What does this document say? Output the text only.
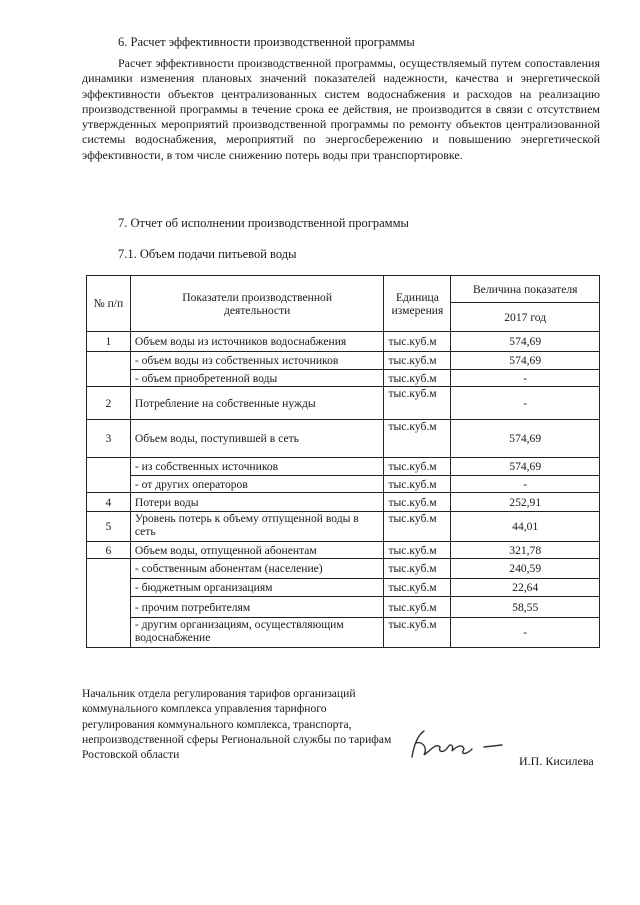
6. Расчет эффективности производственной программы
Расчет эффективности производственной программы, осуществляемый путем сопоставления динамики изменения плановых значений показателей надежности, качества и энергетической эффективности объектов централизованных систем водоснабжения и расходов на реализацию производственной программы в течение срока ее действия, не производится в связи с отсутствием утвержденных мероприятий производственной программы по ремонту объектов централизованной системы водоснабжения, мероприятий по энергосбережению и повышению энергетической эффективности, в том числе снижению потерь воды при транспортировке.
7. Отчет об исполнении производственной программы
7.1. Объем подачи питьевой воды
№ п/п	Показатели производственной деятельности	Единица измерения	Величина показателя
			2017 год
1	Объем воды из источников водоснабжения	тыс.куб.м	574,69
	- объем воды из собственных источников	тыс.куб.м	574,69
	- объем приобретенной воды	тыс.куб.м	-
2	Потребление на собственные нужды	тыс.куб.м	-
3	Объем воды, поступившей в сеть	тыс.куб.м	574,69
	- из собственных источников	тыс.куб.м	574,69
	- от других операторов	тыс.куб.м	-
4	Потери воды	тыс.куб.м	252,91
5	Уровень потерь к объему отпущенной воды в сеть	тыс.куб.м	44,01
6	Объем воды, отпущенной абонентам	тыс.куб.м	321,78
	- собственным абонентам (население)	тыс.куб.м	240,59
	- бюджетным организациям	тыс.куб.м	22,64
	- прочим потребителям	тыс.куб.м	58,55
	- другим организациям, осуществляющим водоснабжение	тыс.куб.м	-
Начальник отдела регулирования тарифов организаций коммунального комплекса управления тарифного регулирования коммунального комплекса, транспорта, непроизводственной сферы Региональной службы по тарифам Ростовской области	И.П. Кисилева
